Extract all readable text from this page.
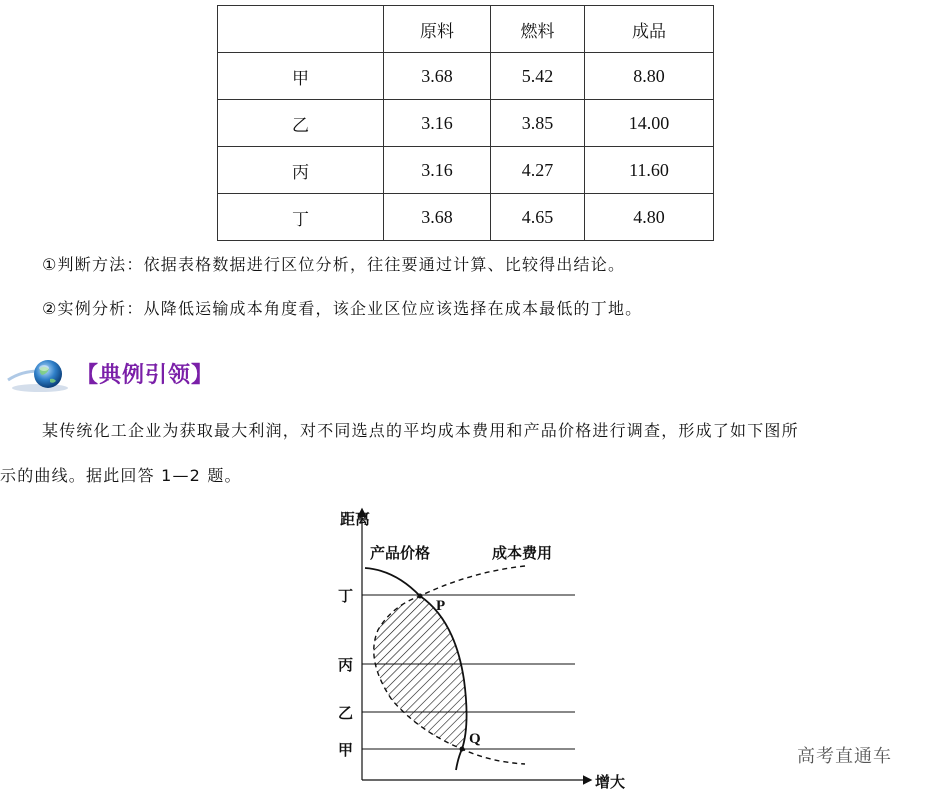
	原料	燃料	成品
甲	3.68	5.42	8.80
乙	3.16	3.85	14.00
丙	3.16	4.27	11.60
丁	3.68	4.65	4.80
①判断方法：依据表格数据进行区位分析，往往要通过计算、比较得出结论。
②实例分析：从降低运输成本角度看，该企业区位应该选择在成本最低的丁地。
【典例引领】
某传统化工企业为获取最大利润，对不同选点的平均成本费用和产品价格进行调查，形成了如下图所
示的曲线。据此回答 1—2 题。
距离
增大
产品价格	成本费用
丁
丙
乙
甲
P
Q
高考直通车
